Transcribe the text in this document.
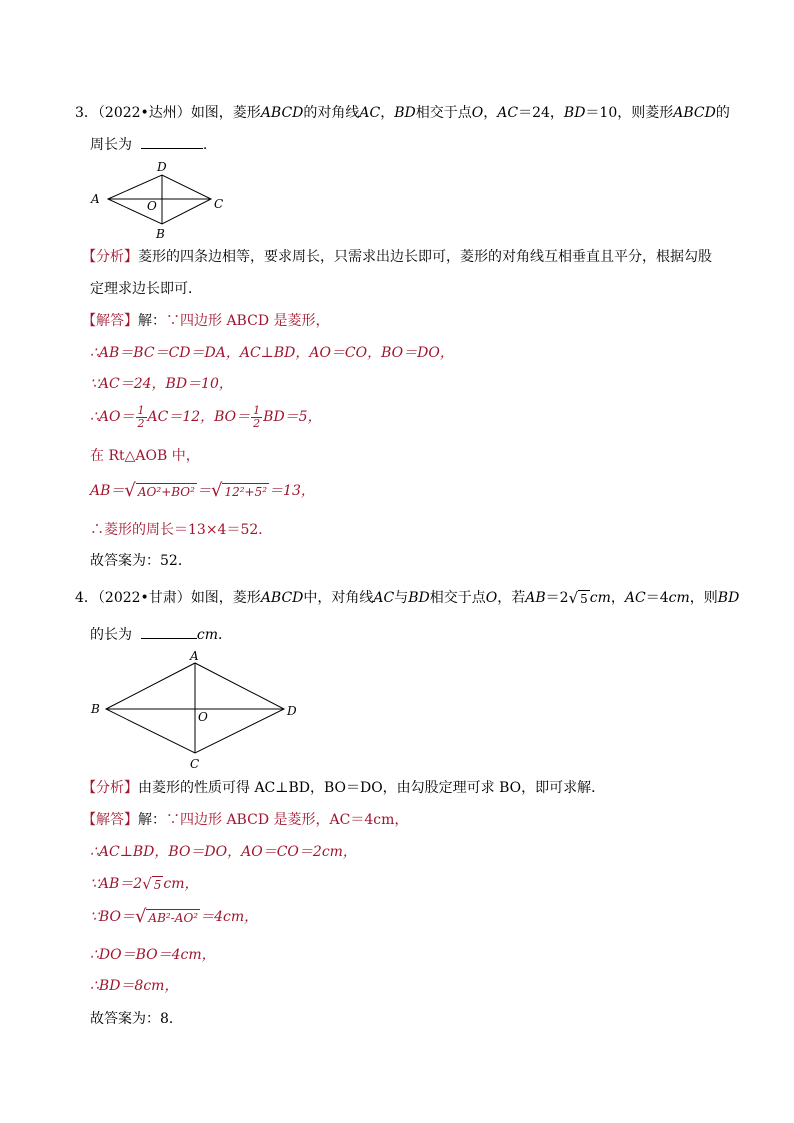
3．（2022•达州）如图，菱形ABCD的对角线AC，BD相交于点O，AC＝24，BD＝10，则菱形ABCD的
周长为	.
A
D
C
B
O
【分析】菱形的四条边相等，要求周长，只需求出边长即可，菱形的对角线互相垂直且平分，根据勾股
定理求边长即可．
【解答】解：∵四边形 ABCD 是菱形，
∴AB＝BC＝CD＝DA，AC⊥BD，AO＝CO，BO＝DO，
∵AC＝24，BD＝10，
∴AO＝ $\frac{1}{2} AC=12$，$BO= \frac{1}{2} BD=5$，
在 Rt△AOB 中，
AB＝√ AO²+BO² ＝√ 12²+5² ＝13，
∴菱形的周长＝13×4＝52．
故答案为：52．
4．（2022•甘肃）如图，菱形ABCD中，对角线AC与BD相交于点O，若AB＝2√ 5 cm，AC＝4cm，则BD
的长为	cm．
A
B	D
C
O
【分析】由菱形的性质可得 AC⊥BD，BO＝DO，由勾股定理可求 BO，即可求解．
【解答】解：∵四边形 ABCD 是菱形，AC＝4cm，
∴AC⊥BD，BO＝DO，AO＝CO＝2cm，
∵AB＝2√ 5 cm，
∵BO＝√ AB²-AO² ＝4cm，
∴DO＝BO＝4cm，
∴BD＝8cm，
故答案为：8．
